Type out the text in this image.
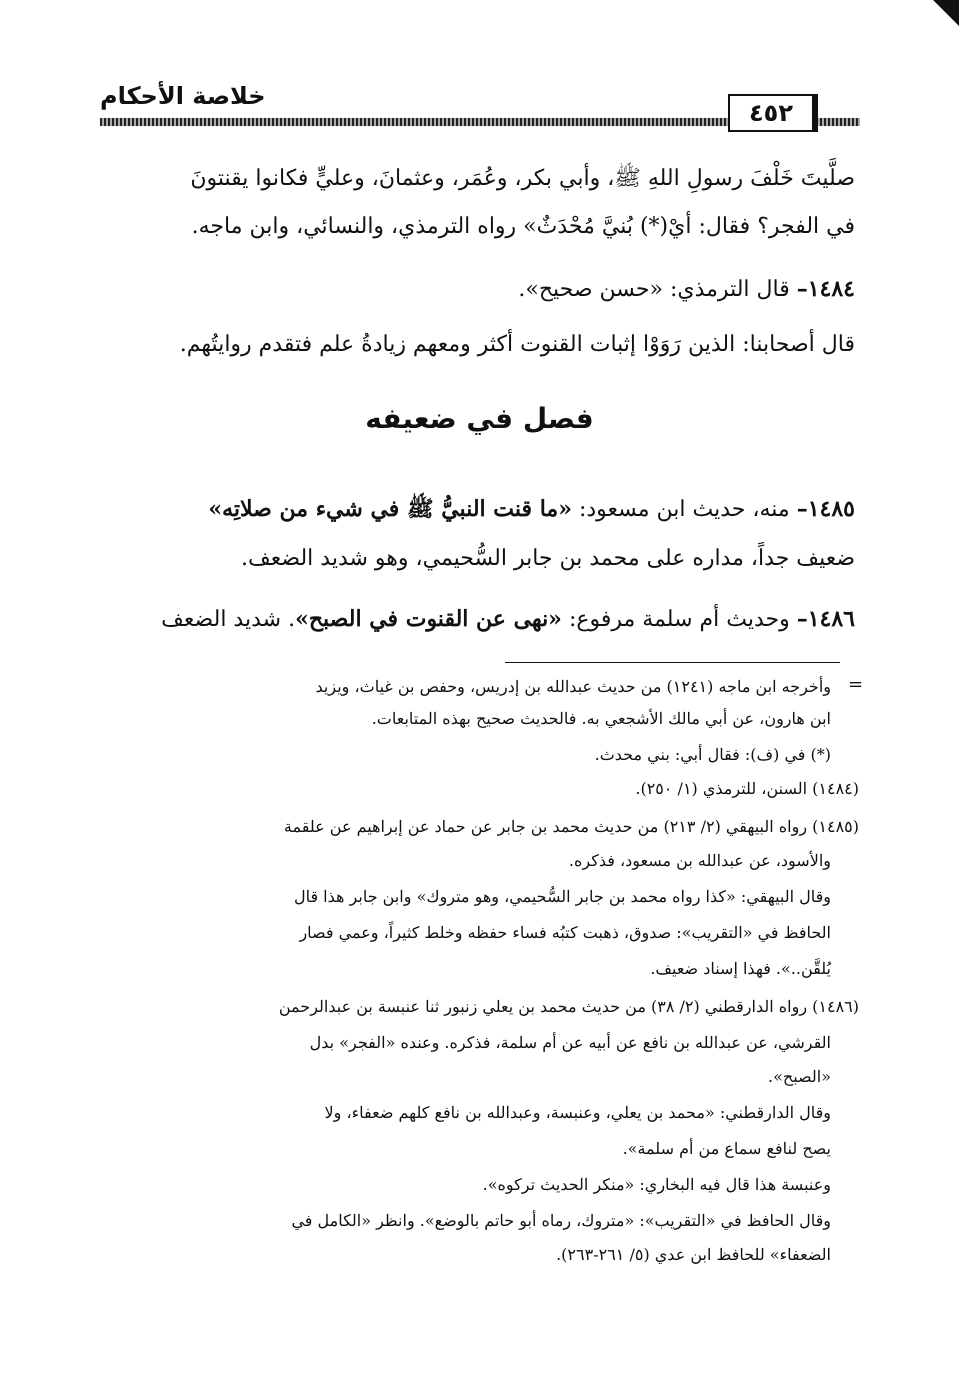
٤٥٢
خلاصة الأحكام

صلَّيتَ خَلْفَ رسولِ اللهِ ﷺ، وأبي بكر، وعُمَر، وعثمانَ، وعليٍّ فكانوا يقنتونَ

في الفجر؟ فقال: أيْ(*) بُنيَّ مُحْدَثٌ» رواه الترمذي، والنسائي، وابن ماجه.

١٤٨٤– قال الترمذي: «حسن صحيح».

قال أصحابنا: الذين رَوَوْا إثبات القنوت أكثر ومعهم زيادةُ علم فتقدم روايتُهم.

فصل في ضعيفه

١٤٨٥– منه، حديث ابن مسعود: «ما قنت النبيُّ ﷺ في شيء من صلاتِه»

ضعيف جداً، مداره على محمد بن جابر السُّحيمي، وهو شديد الضعف.

١٤٨٦– وحديث أم سلمة مرفوع: «نهى عن القنوت في الصبح». شديد الضعف

=

وأخرجه ابن ماجه (١٢٤١) من حديث عبدالله بن إدريس، وحفص بن غياث، ويزيد

ابن هارون، عن أبي مالك الأشجعي به. فالحديث صحيح بهذه المتابعات.

(*) في (ف): فقال أبي: بني محدث.

(١٤٨٤) السنن، للترمذي (١/ ٢٥٠).

(١٤٨٥) رواه البيهقي (٢/ ٢١٣) من حديث محمد بن جابر عن حماد عن إبراهيم عن علقمة

والأسود، عن عبدالله بن مسعود، فذكره.

وقال البيهقي: «كذا رواه محمد بن جابر السُّحيمي، وهو متروك» وابن جابر هذا قال

الحافظ في «التقريب»: صدوق، ذهبت كتبُه فساء حفظه وخلط كثيراً، وعمي فصار

يُلقَّن..». فهذا إسناد ضعيف.

(١٤٨٦) رواه الدارقطني (٢/ ٣٨) من حديث محمد بن يعلي زنبور ثنا عنبسة بن عبدالرحمن

القرشي، عن عبدالله بن نافع عن أبيه عن أم سلمة، فذكره. وعنده «الفجر» بدل

«الصبح».

وقال الدارقطني: «محمد بن يعلي، وعنبسة، وعبدالله بن نافع كلهم ضعفاء، ولا

يصح لنافع سماع من أم سلمة».

وعنبسة هذا قال فيه البخاري: «منكر الحديث تركوه».

وقال الحافظ في «التقريب»: «متروك، رماه أبو حاتم بالوضع». وانظر «الكامل في

الضعفاء» للحافظ ابن عدي (٥/ ٢٦١-٢٦٣).
